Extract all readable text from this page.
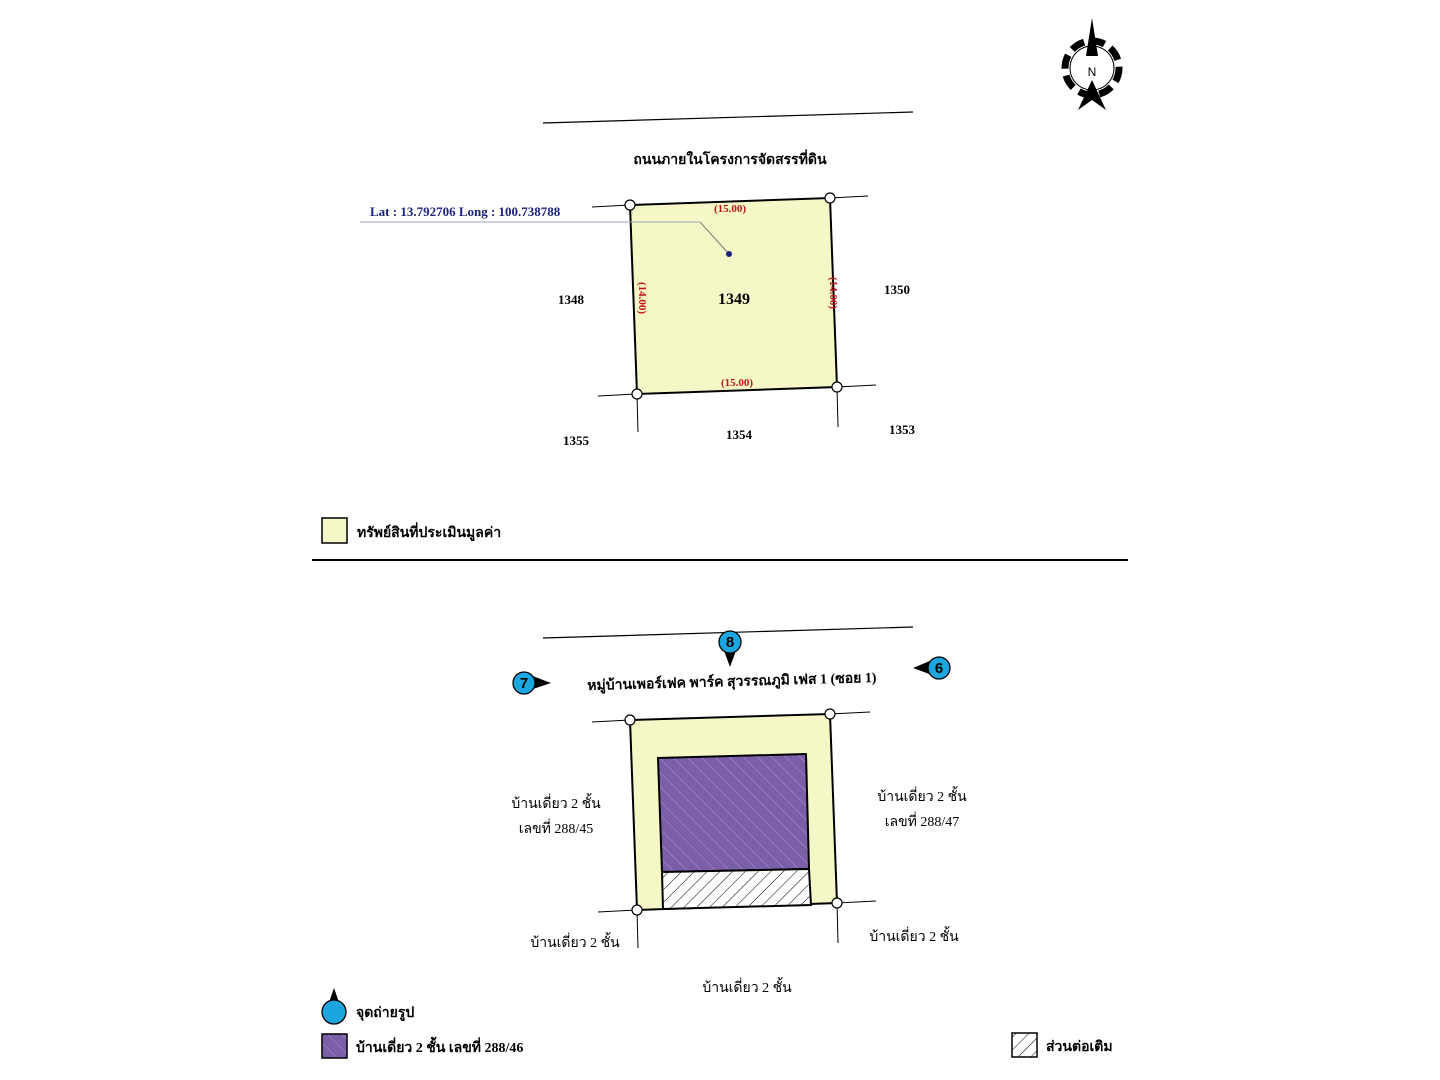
N
ถนนภายในโครงการจัดสรรที่ดิน
(15.00)
(15.00)
(14.00)	(14.00)
Lat : 13.792706 Long : 100.738788
1349
1348
1350
1355	1354	1353
ทรัพย์สินที่ประเมินมูลค่า
หมู่บ้านเพอร์เฟค พาร์ค สุวรรณภูมิ เฟส 1 (ซอย 1)
8
7
6
บ้านเดี่ยว 2 ชั้น
เลขที่ 288/45
บ้านเดี่ยว 2 ชั้น
เลขที่ 288/47
บ้านเดี่ยว 2 ชั้น	บ้านเดี่ยว 2 ชั้น
บ้านเดี่ยว 2 ชั้น
จุดถ่ายรูป
บ้านเดี่ยว 2 ชั้น เลขที่ 288/46	ส่วนต่อเติม
